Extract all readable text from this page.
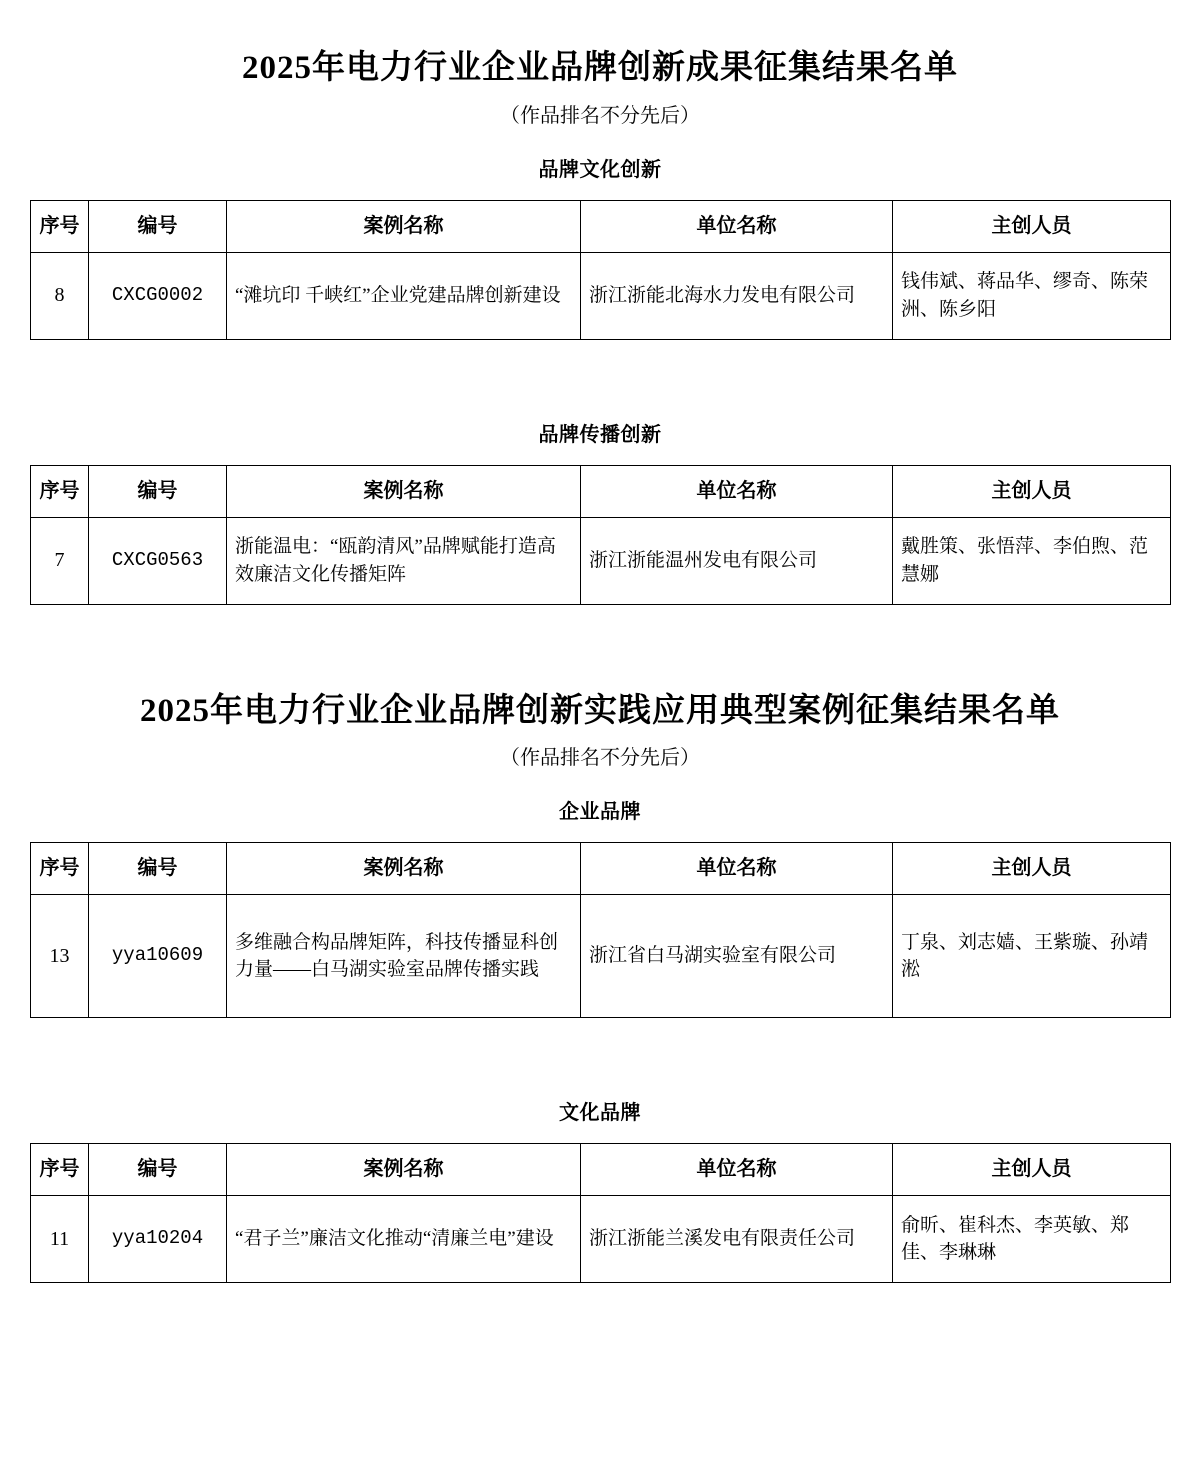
2025年电力行业企业品牌创新成果征集结果名单
（作品排名不分先后）
品牌文化创新
序号	编号	案例名称	单位名称	主创人员
8	CXCG0002	“滩坑印 千峡红”企业党建品牌创新建设	浙江浙能北海水力发电有限公司	钱伟斌、蒋品华、缪奇、陈荣洲、陈乡阳
品牌传播创新
序号	编号	案例名称	单位名称	主创人员
7	CXCG0563	浙能温电：“瓯韵清风”品牌赋能打造高效廉洁文化传播矩阵	浙江浙能温州发电有限公司	戴胜策、张悟萍、李伯煦、范慧娜
2025年电力行业企业品牌创新实践应用典型案例征集结果名单
（作品排名不分先后）
企业品牌
序号	编号	案例名称	单位名称	主创人员
13	yya10609	多维融合构品牌矩阵，科技传播显科创力量——白马湖实验室品牌传播实践	浙江省白马湖实验室有限公司	丁泉、刘志嫱、王紫璇、孙靖淞
文化品牌
序号	编号	案例名称	单位名称	主创人员
11	yya10204	“君子兰”廉洁文化推动“清廉兰电”建设	浙江浙能兰溪发电有限责任公司	俞昕、崔科杰、李英敏、郑佳、李琳琳
